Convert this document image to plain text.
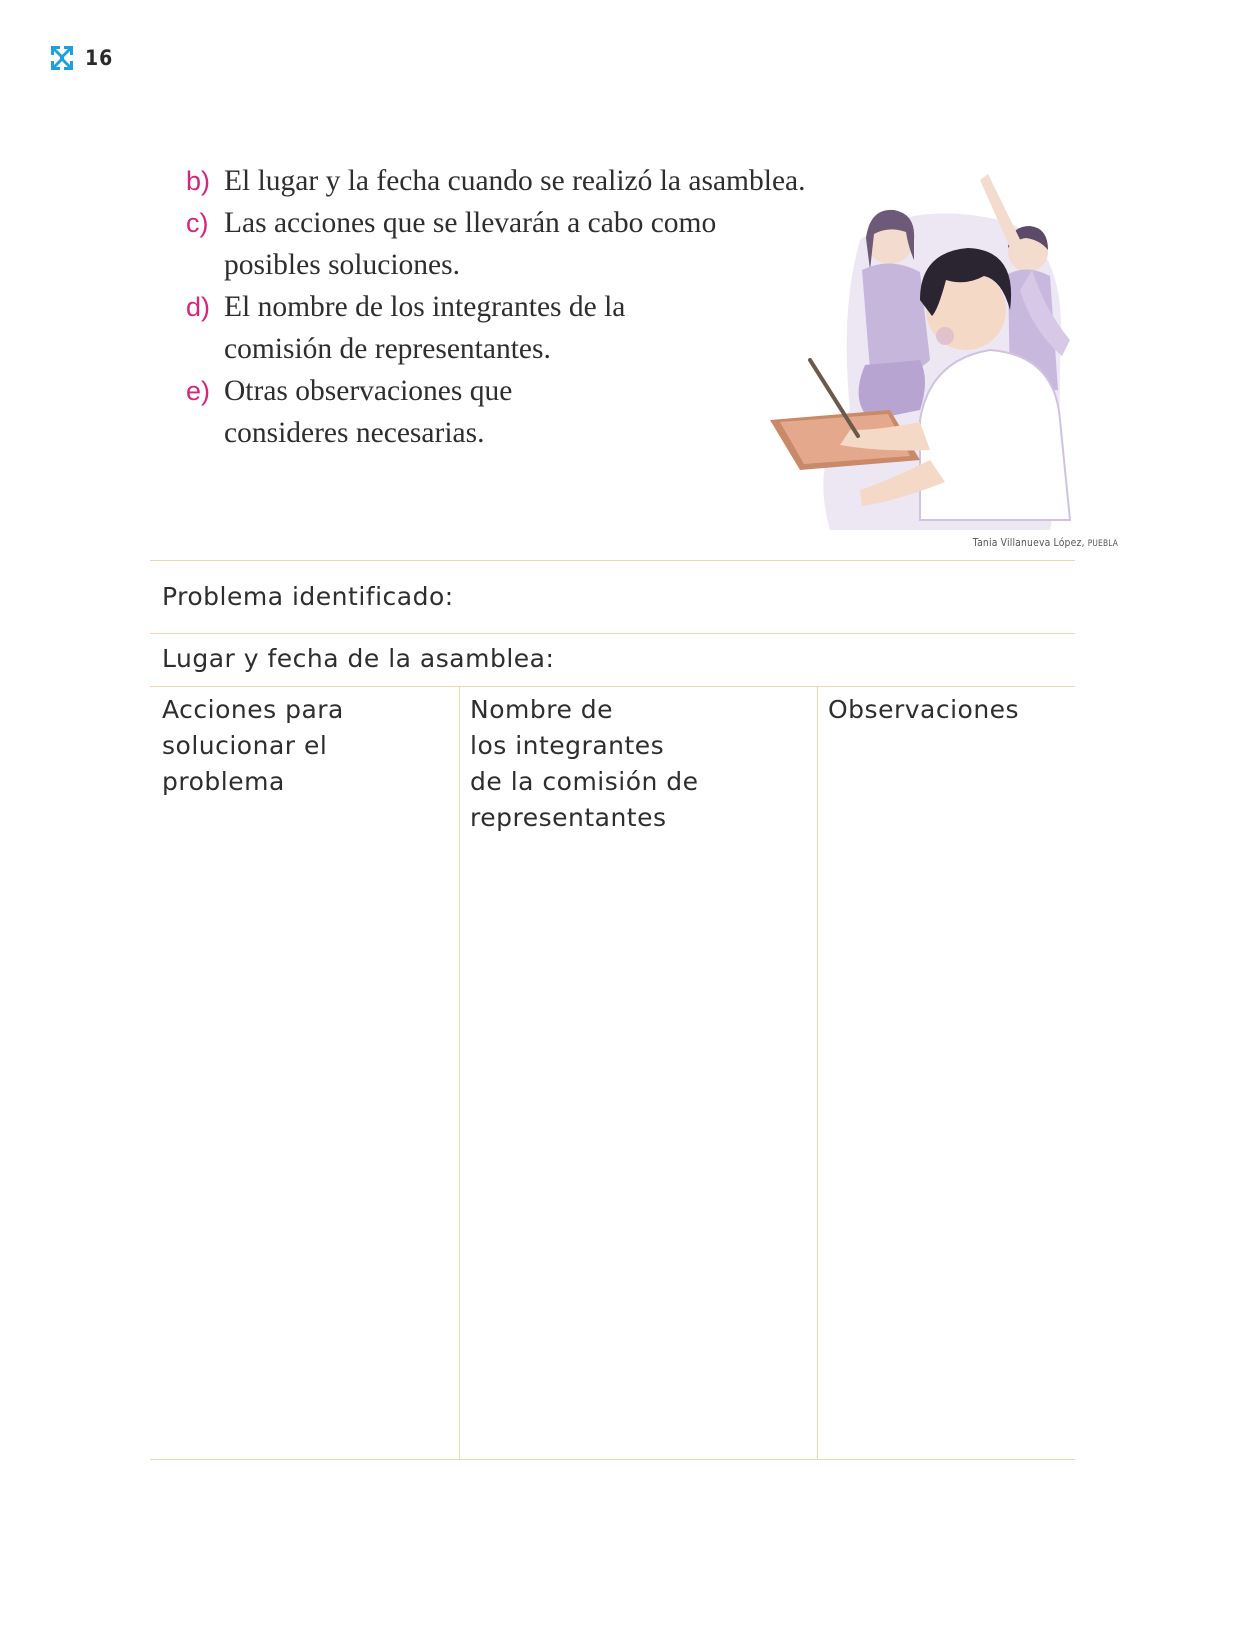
16
b) El lugar y la fecha cuando se realizó la asamblea.
c) Las acciones que se llevarán a cabo como
posibles soluciones.
d) El nombre de los integrantes de la
comisión de representantes.
e) Otras observaciones que
consideres necesarias.
Tania Villanueva López, PUEBLA
Problema identificado:
Lugar y fecha de la asamblea:
Acciones para
solucionar el
problema
Nombre de
los integrantes
de la comisión de
representantes
Observaciones
